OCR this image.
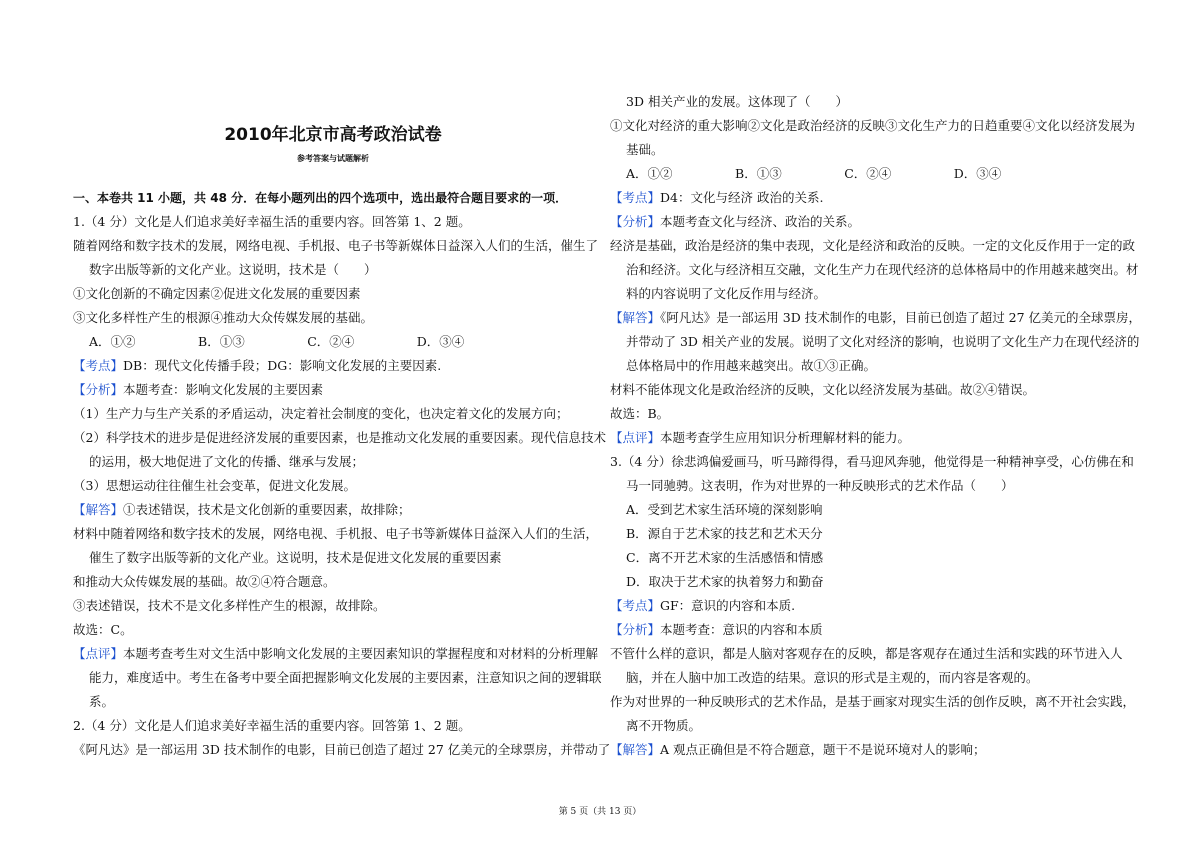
2010年北京市高考政治试卷
参考答案与试题解析
一、本卷共 11 小题，共 48 分．在每小题列出的四个选项中，选出最符合题目要求的一项．
1.（4 分）文化是人们追求美好幸福生活的重要内容。回答第 1、2 题。
随着网络和数字技术的发展，网络电视、手机报、电子书等新媒体日益深入人们的生活，催生了
数字出版等新的文化产业。这说明，技术是（　　）
①文化创新的不确定因素②促进文化发展的重要因素
③文化多样性产生的根源④推动大众传媒发展的基础。
A．①②　　　　　B．①③　　　　　C．②④　　　　　D．③④
【考点】DB：现代文化传播手段；DG：影响文化发展的主要因素.
【分析】本题考查：影响文化发展的主要因素
（1）生产力与生产关系的矛盾运动，决定着社会制度的变化，也决定着文化的发展方向；
（2）科学技术的进步是促进经济发展的重要因素，也是推动文化发展的重要因素。现代信息技术
的运用，极大地促进了文化的传播、继承与发展；
（3）思想运动往往催生社会变革，促进文化发展。
【解答】①表述错误，技术是文化创新的重要因素，故排除；
材料中随着网络和数字技术的发展，网络电视、手机报、电子书等新媒体日益深入人们的生活，
催生了数字出版等新的文化产业。这说明，技术是促进文化发展的重要因素
和推动大众传媒发展的基础。故②④符合题意。
③表述错误，技术不是文化多样性产生的根源，故排除。
故选：C。
【点评】本题考查考生对文生活中影响文化发展的主要因素知识的掌握程度和对材料的分析理解
能力，难度适中。考生在备考中要全面把握影响文化发展的主要因素，注意知识之间的逻辑联
系。
2.（4 分）文化是人们追求美好幸福生活的重要内容。回答第 1、2 题。
《阿凡达》是一部运用 3D 技术制作的电影，目前已创造了超过 27 亿美元的全球票房，并带动了
3D 相关产业的发展。这体现了（　　）
①文化对经济的重大影响②文化是政治经济的反映③文化生产力的日趋重要④文化以经济发展为
基础。
A．①②　　　　　B．①③　　　　　C．②④　　　　　D．③④
【考点】D4：文化与经济 政治的关系.
【分析】本题考查文化与经济、政治的关系。
经济是基础，政治是经济的集中表现，文化是经济和政治的反映。一定的文化反作用于一定的政
治和经济。文化与经济相互交融，文化生产力在现代经济的总体格局中的作用越来越突出。材
料的内容说明了文化反作用与经济。
【解答】《阿凡达》是一部运用 3D 技术制作的电影，目前已创造了超过 27 亿美元的全球票房，
并带动了 3D 相关产业的发展。说明了文化对经济的影响，也说明了文化生产力在现代经济的
总体格局中的作用越来越突出。故①③正确。
材料不能体现文化是政治经济的反映，文化以经济发展为基础。故②④错误。
故选：B。
【点评】本题考查学生应用知识分析理解材料的能力。
3.（4 分）徐悲鸿偏爱画马，听马蹄得得，看马迎风奔驰，他觉得是一种精神享受，心仿佛在和
马一同驰骋。这表明，作为对世界的一种反映形式的艺术作品（　　）
A．受到艺术家生活环境的深刻影响
B．源自于艺术家的技艺和艺术天分
C．离不开艺术家的生活感悟和情感
D．取决于艺术家的执着努力和勤奋
【考点】GF：意识的内容和本质.
【分析】本题考查：意识的内容和本质
不管什么样的意识，都是人脑对客观存在的反映，都是客观存在通过生活和实践的环节进入人
脑，并在人脑中加工改造的结果。意识的形式是主观的，而内容是客观的。
作为对世界的一种反映形式的艺术作品，是基于画家对现实生活的创作反映，离不开社会实践，
离不开物质。
【解答】A 观点正确但是不符合题意，题干不是说环境对人的影响；
第 5 页（共 13 页）
